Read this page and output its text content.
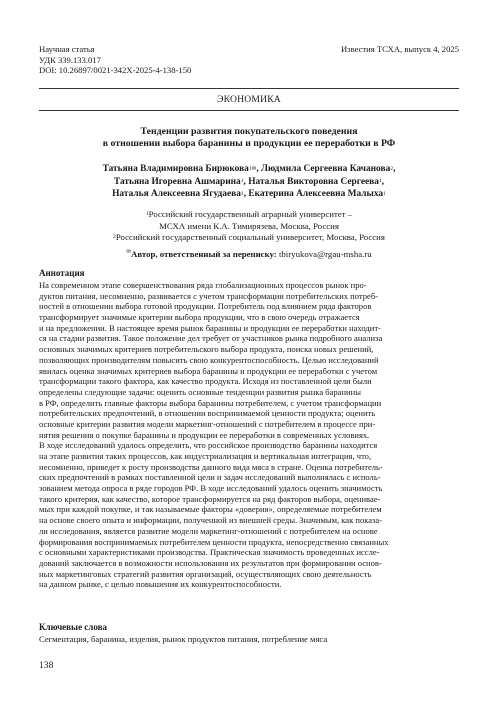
Научная статья
УДК 339.133.017
DOI: 10.26897/0021-342X-2025-4-138-150
Известия ТСХА, выпуск 4, 2025
ЭКОНОМИКА
Тенденции развития покупательского поведения
в отношении выбора баранины и продукции ее переработки в РФ
Татьяна Владимировна Бирюкова$^{1✉}$, Людмила Сергеевна Качанова$^2$,
Татьяна Игоревна Ашмарина$^1$, Наталья Викторовна Сергеева$^1$,
Наталья Алексеевна Ягудаева$^1$, Екатерина Алексеевна Малыха$^1$
$^1$Российский государственный аграрный университет –
МСХА имени К.А. Тимирязева, Москва, Россия
$^2$Российский государственный социальный университет, Москва, Россия
✉Автор, ответственный за переписку: tbiryukova@rgau-msha.ru
Аннотация
На современном этапе совершенствования ряда глобализационных процессов рынок про-
дуктов питания, несомненно, развивается с учетом трансформации потребительских потреб-
ностей в отношении выбора готовой продукции. Потребитель под влиянием ряда факторов
трансформирует значимые критерии выбора продукции, что в свою очередь отражается
и на предложении. В настоящее время рынок баранины и продукции ее переработки находит-
ся на стадии развития. Такое положение дел требует от участников рынка подробного анализа
основных значимых критериев потребительского выбора продукта, поиска новых решений,
позволяющих производителям повысить свою конкурентоспособность. Целью исследований
явилась оценка значимых критериев выбора баранины и продукции ее переработки с учетом
трансформации такого фактора, как качество продукта. Исходя из поставленной цели были
определены следующие задачи: оценить основные тенденции развития рынка баранины
в РФ, определить главные факторы выбора баранины потребителем, с учетом трансформации
потребительских предпочтений, в отношении воспринимаемой ценности продукта; оценить
основные критерии развития модели маркетинг-отношений с потребителем в процессе при-
нятия решения о покупке баранины и продукции ее переработки в современных условиях.
В ходе исследований удалось определить, что российское производство баранины находится
на этапе развития таких процессов, как индустриализация и вертикальная интеграция, что,
несомненно, приведет к росту производства данного вида мяса в стране. Оценка потребитель-
ских предпочтений в рамках поставленной цели и задач исследований выполнялась с исполь-
зованием метода опроса в ряде городов РФ. В ходе исследований удалось оценить значимость
такого критерия, как качество, которое трансформируется на ряд факторов выбора, оценивае-
мых при каждой покупке, и так называемые факторы «доверия», определяемые потребителем
на основе своего опыта и информации, полученной из внешней среды. Значимым, как показа-
ли исследования, является развитие модели маркетинг-отношений с потребителем на основе
формирования воспринимаемых потребителем ценности продукта, непосредственно связанных
с основными характеристиками производства. Практическая значимость проведенных иссле-
дований заключается в возможности использования их результатов при формировании основ-
ных маркетинговых стратегий развития организаций, осуществляющих свою деятельность
на данном рынке, с целью повышения их конкурентоспособности.
Ключевые слова
Сегментация, баранина, изделия, рынок продуктов питания, потребление мяса
138
